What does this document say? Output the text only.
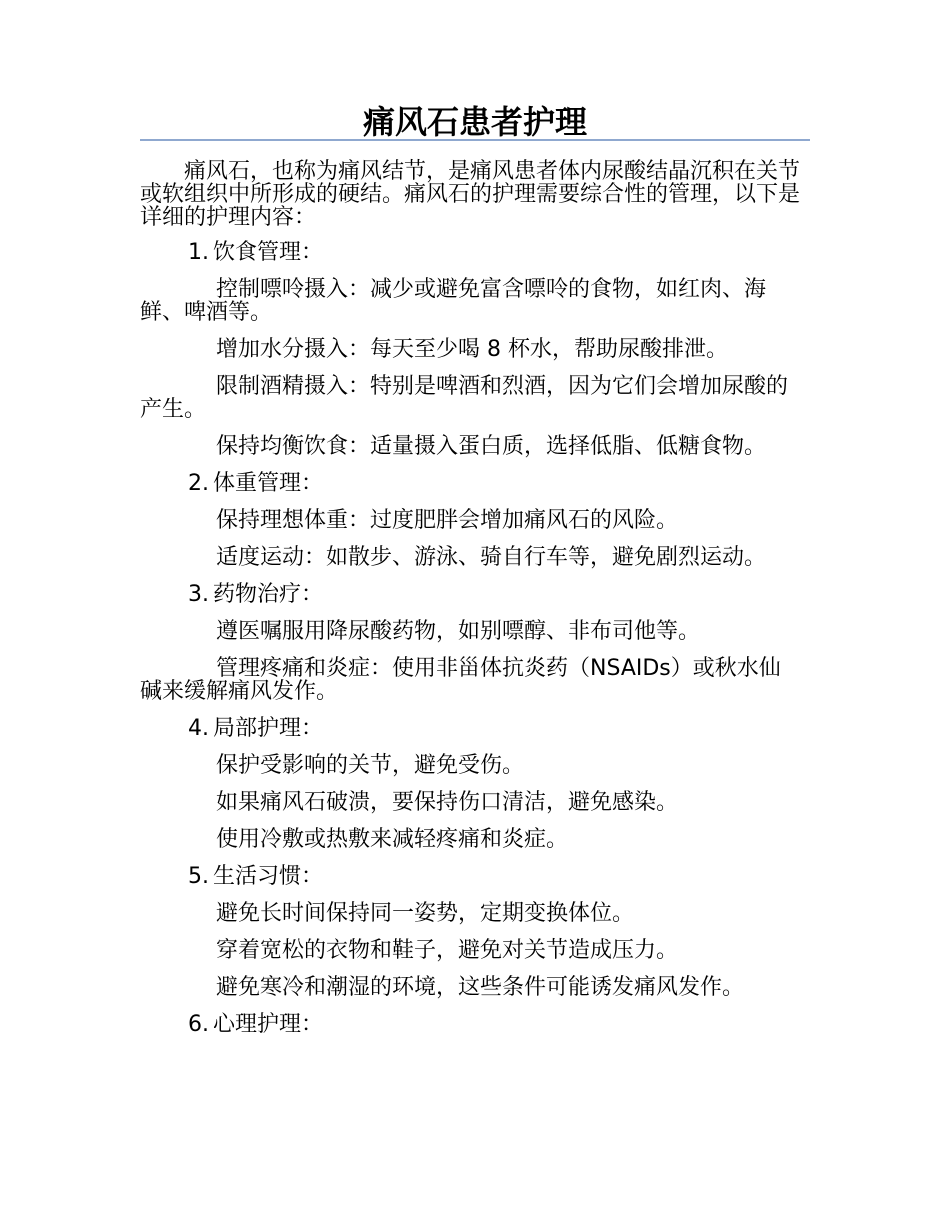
痛风石患者护理

痛风石，也称为痛风结节，是痛风患者体内尿酸结晶沉积在关节或软组织中所形成的硬结。痛风石的护理需要综合性的管理，以下是详细的护理内容：

1. 饮食管理：

控制嘌呤摄入：减少或避免富含嘌呤的食物，如红肉、海鲜、啤酒等。

增加水分摄入：每天至少喝 8 杯水，帮助尿酸排泄。

限制酒精摄入：特别是啤酒和烈酒，因为它们会增加尿酸的产生。

保持均衡饮食：适量摄入蛋白质，选择低脂、低糖食物。

2. 体重管理：

保持理想体重：过度肥胖会增加痛风石的风险。

适度运动：如散步、游泳、骑自行车等，避免剧烈运动。

3. 药物治疗：

遵医嘱服用降尿酸药物，如别嘌醇、非布司他等。

管理疼痛和炎症：使用非甾体抗炎药（NSAIDs）或秋水仙碱来缓解痛风发作。

4. 局部护理：

保护受影响的关节，避免受伤。

如果痛风石破溃，要保持伤口清洁，避免感染。

使用冷敷或热敷来减轻疼痛和炎症。

5. 生活习惯：

避免长时间保持同一姿势，定期变换体位。

穿着宽松的衣物和鞋子，避免对关节造成压力。

避免寒冷和潮湿的环境，这些条件可能诱发痛风发作。

6. 心理护理：
